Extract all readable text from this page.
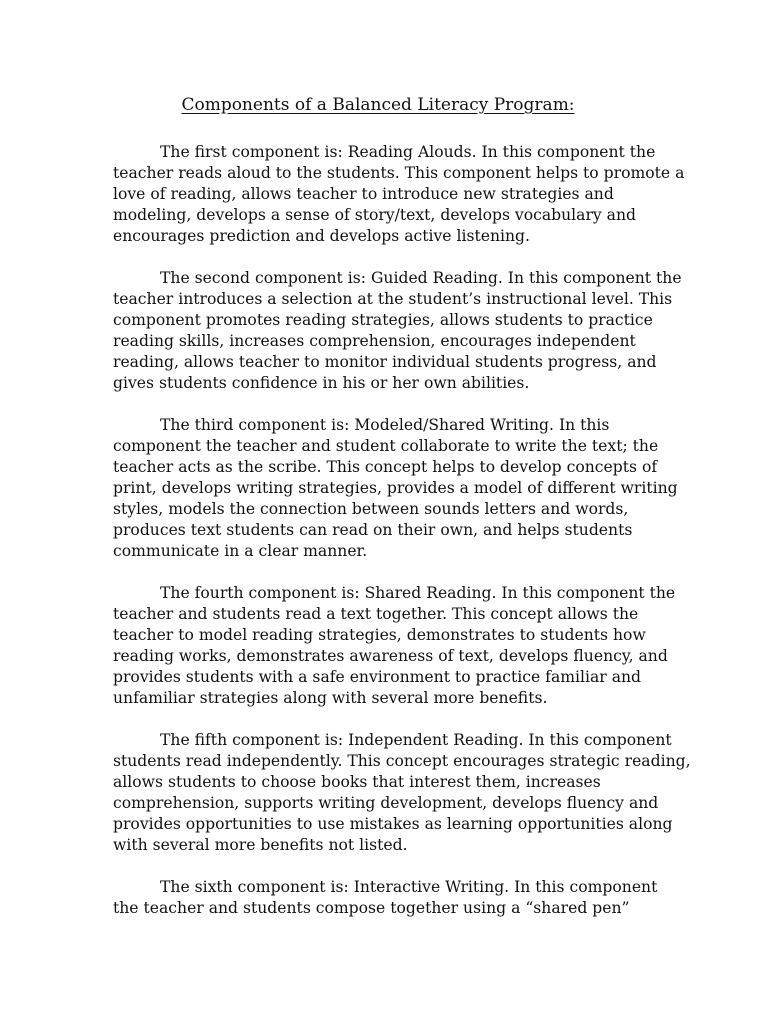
Components of a Balanced Literacy Program:

The first component is: Reading Alouds. In this component the
teacher reads aloud to the students. This component helps to promote a
love of reading, allows teacher to introduce new strategies and
modeling, develops a sense of story/text, develops vocabulary and
encourages prediction and develops active listening.

The second component is: Guided Reading. In this component the
teacher introduces a selection at the student’s instructional level. This
component promotes reading strategies, allows students to practice
reading skills, increases comprehension, encourages independent
reading, allows teacher to monitor individual students progress, and
gives students confidence in his or her own abilities.

The third component is: Modeled/Shared Writing. In this
component the teacher and student collaborate to write the text; the
teacher acts as the scribe. This concept helps to develop concepts of
print, develops writing strategies, provides a model of different writing
styles, models the connection between sounds letters and words,
produces text students can read on their own, and helps students
communicate in a clear manner.

The fourth component is: Shared Reading. In this component the
teacher and students read a text together. This concept allows the
teacher to model reading strategies, demonstrates to students how
reading works, demonstrates awareness of text, develops fluency, and
provides students with a safe environment to practice familiar and
unfamiliar strategies along with several more benefits.

The fifth component is: Independent Reading. In this component
students read independently. This concept encourages strategic reading,
allows students to choose books that interest them, increases
comprehension, supports writing development, develops fluency and
provides opportunities to use mistakes as learning opportunities along
with several more benefits not listed.

The sixth component is: Interactive Writing. In this component
the teacher and students compose together using a “shared pen”
